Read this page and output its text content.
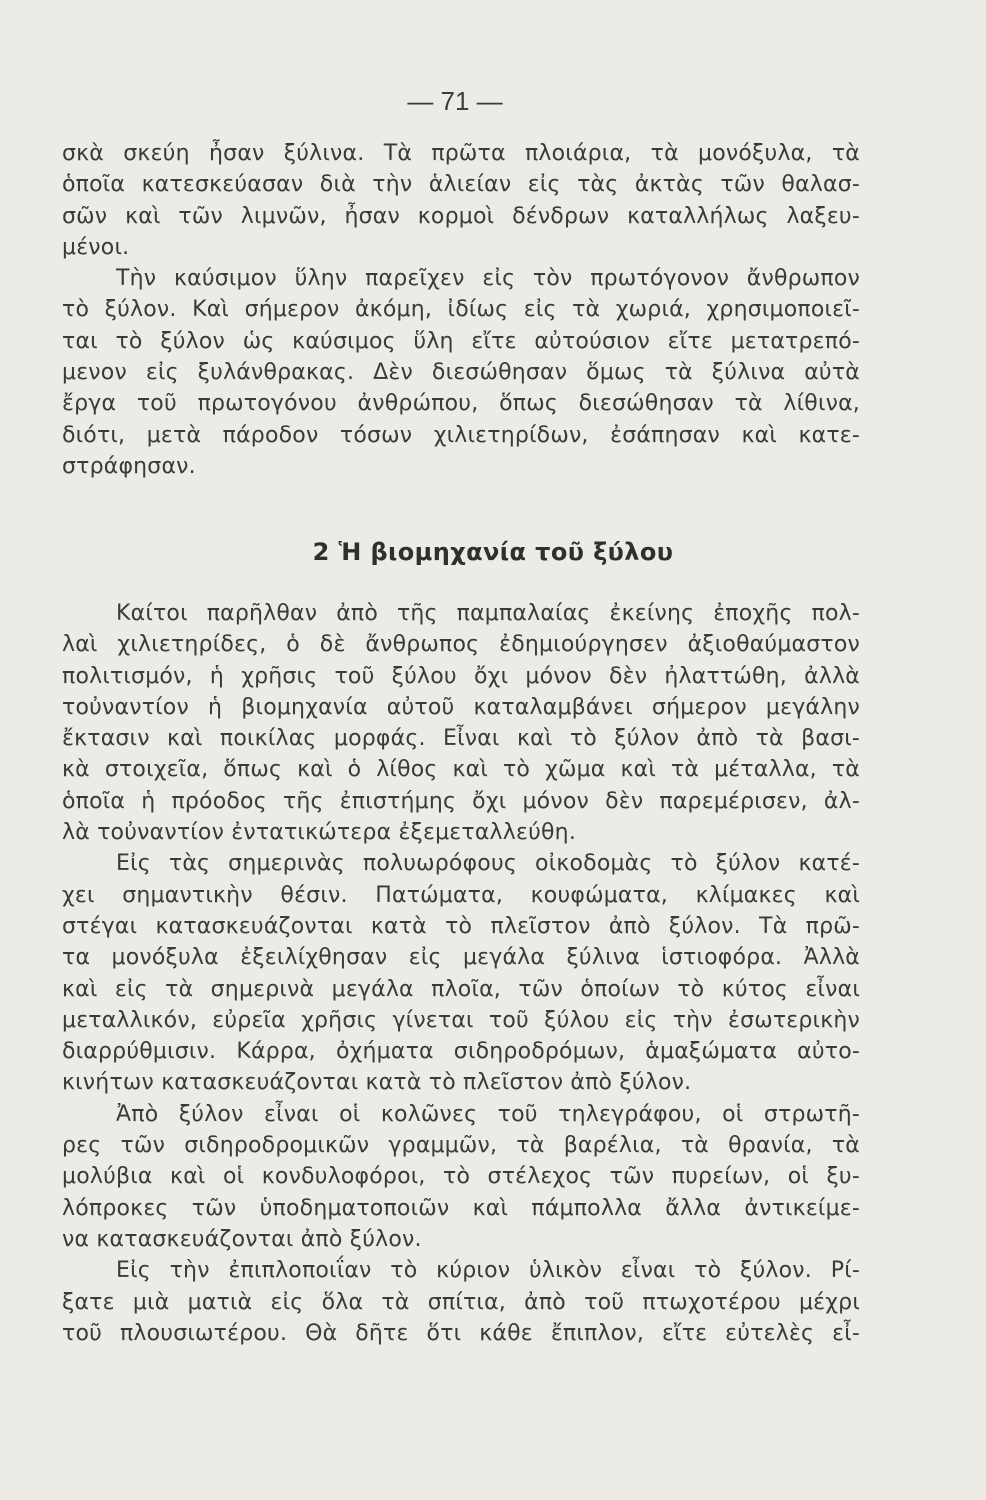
— 71 —
σκὰ σκεύη ἦσαν ξύλινα. Τὰ πρῶτα πλοιάρια, τὰ μονόξυλα, τὰ
ὁποῖα κατεσκεύασαν διὰ τὴν ἁλιείαν εἰς τὰς ἀκτὰς τῶν θαλασ-
σῶν καὶ τῶν λιμνῶν, ἦσαν κορμοὶ δένδρων καταλλήλως λαξευ-
μένοι.
Τὴν καύσιμον ὕλην παρεῖχεν εἰς τὸν πρωτόγονον ἄνθρωπον
τὸ ξύλον. Καὶ σήμερον ἀκόμη, ἰδίως εἰς τὰ χωριά, χρησιμοποιεῖ-
ται τὸ ξύλον ὡς καύσιμος ὕλη εἴτε αὐτούσιον εἴτε μετατρεπό-
μενον εἰς ξυλάνθρακας. Δὲν διεσώθησαν ὅμως τὰ ξύλινα αὐτὰ
ἔργα τοῦ πρωτογόνου ἀνθρώπου, ὅπως διεσώθησαν τὰ λίθινα,
διότι, μετὰ πάροδον τόσων χιλιετηρίδων, ἐσάπησαν καὶ κατε-
στράφησαν.
2 Ἡ βιομηχανία τοῦ ξύλου
Καίτοι παρῆλθαν ἀπὸ τῆς παμπαλαίας ἐκείνης ἐποχῆς πολ-
λαὶ χιλιετηρίδες, ὁ δὲ ἄνθρωπος ἐδημιούργησεν ἀξιοθαύμαστον
πολιτισμόν, ἡ χρῆσις τοῦ ξύλου ὄχι μόνον δὲν ἠλαττώθη, ἀλλὰ
τοὐναντίον ἡ βιομηχανία αὐτοῦ καταλαμβάνει σήμερον μεγάλην
ἔκτασιν καὶ ποικίλας μορφάς. Εἶναι καὶ τὸ ξύλον ἀπὸ τὰ βασι-
κὰ στοιχεῖα, ὅπως καὶ ὁ λίθος καὶ τὸ χῶμα καὶ τὰ μέταλλα, τὰ
ὁποῖα ἡ πρόοδος τῆς ἐπιστήμης ὄχι μόνον δὲν παρεμέρισεν, ἀλ-
λὰ τοὐναντίον ἐντατικώτερα ἐξεμεταλλεύθη.
Εἰς τὰς σημερινὰς πολυωρόφους οἰκοδομὰς τὸ ξύλον κατέ-
χει σημαντικὴν θέσιν. Πατώματα, κουφώματα, κλίμακες καὶ
στέγαι κατασκευάζονται κατὰ τὸ πλεῖστον ἀπὸ ξύλον. Τὰ πρῶ-
τα μονόξυλα ἐξειλίχθησαν εἰς μεγάλα ξύλινα ἱστιοφόρα. Ἀλλὰ
καὶ εἰς τὰ σημερινὰ μεγάλα πλοῖα, τῶν ὁποίων τὸ κύτος εἶναι
μεταλλικόν, εὐρεῖα χρῆσις γίνεται τοῦ ξύλου εἰς τὴν ἐσωτερικὴν
διαρρύθμισιν. Κάρρα, ὀχήματα σιδηροδρόμων, ἁμαξώματα αὐτο-
κινήτων κατασκευάζονται κατὰ τὸ πλεῖστον ἀπὸ ξύλον.
Ἀπὸ ξύλον εἶναι οἱ κολῶνες τοῦ τηλεγράφου, οἱ στρωτῆ-
ρες τῶν σιδηροδρομικῶν γραμμῶν, τὰ βαρέλια, τὰ θρανία, τὰ
μολύβια καὶ οἱ κονδυλοφόροι, τὸ στέλεχος τῶν πυρείων, οἱ ξυ-
λόπροκες τῶν ὑποδηματοποιῶν καὶ πάμπολλα ἄλλα ἀντικείμε-
να κατασκευάζονται ἀπὸ ξύλον.
Εἰς τὴν ἐπιπλοποιΐαν τὸ κύριον ὑλικὸν εἶναι τὸ ξύλον. Ρί-
ξατε μιὰ ματιὰ εἰς ὅλα τὰ σπίτια, ἀπὸ τοῦ πτωχοτέρου μέχρι
τοῦ πλουσιωτέρου. Θὰ δῆτε ὅτι κάθε ἔπιπλον, εἴτε εὐτελὲς εἶ-
